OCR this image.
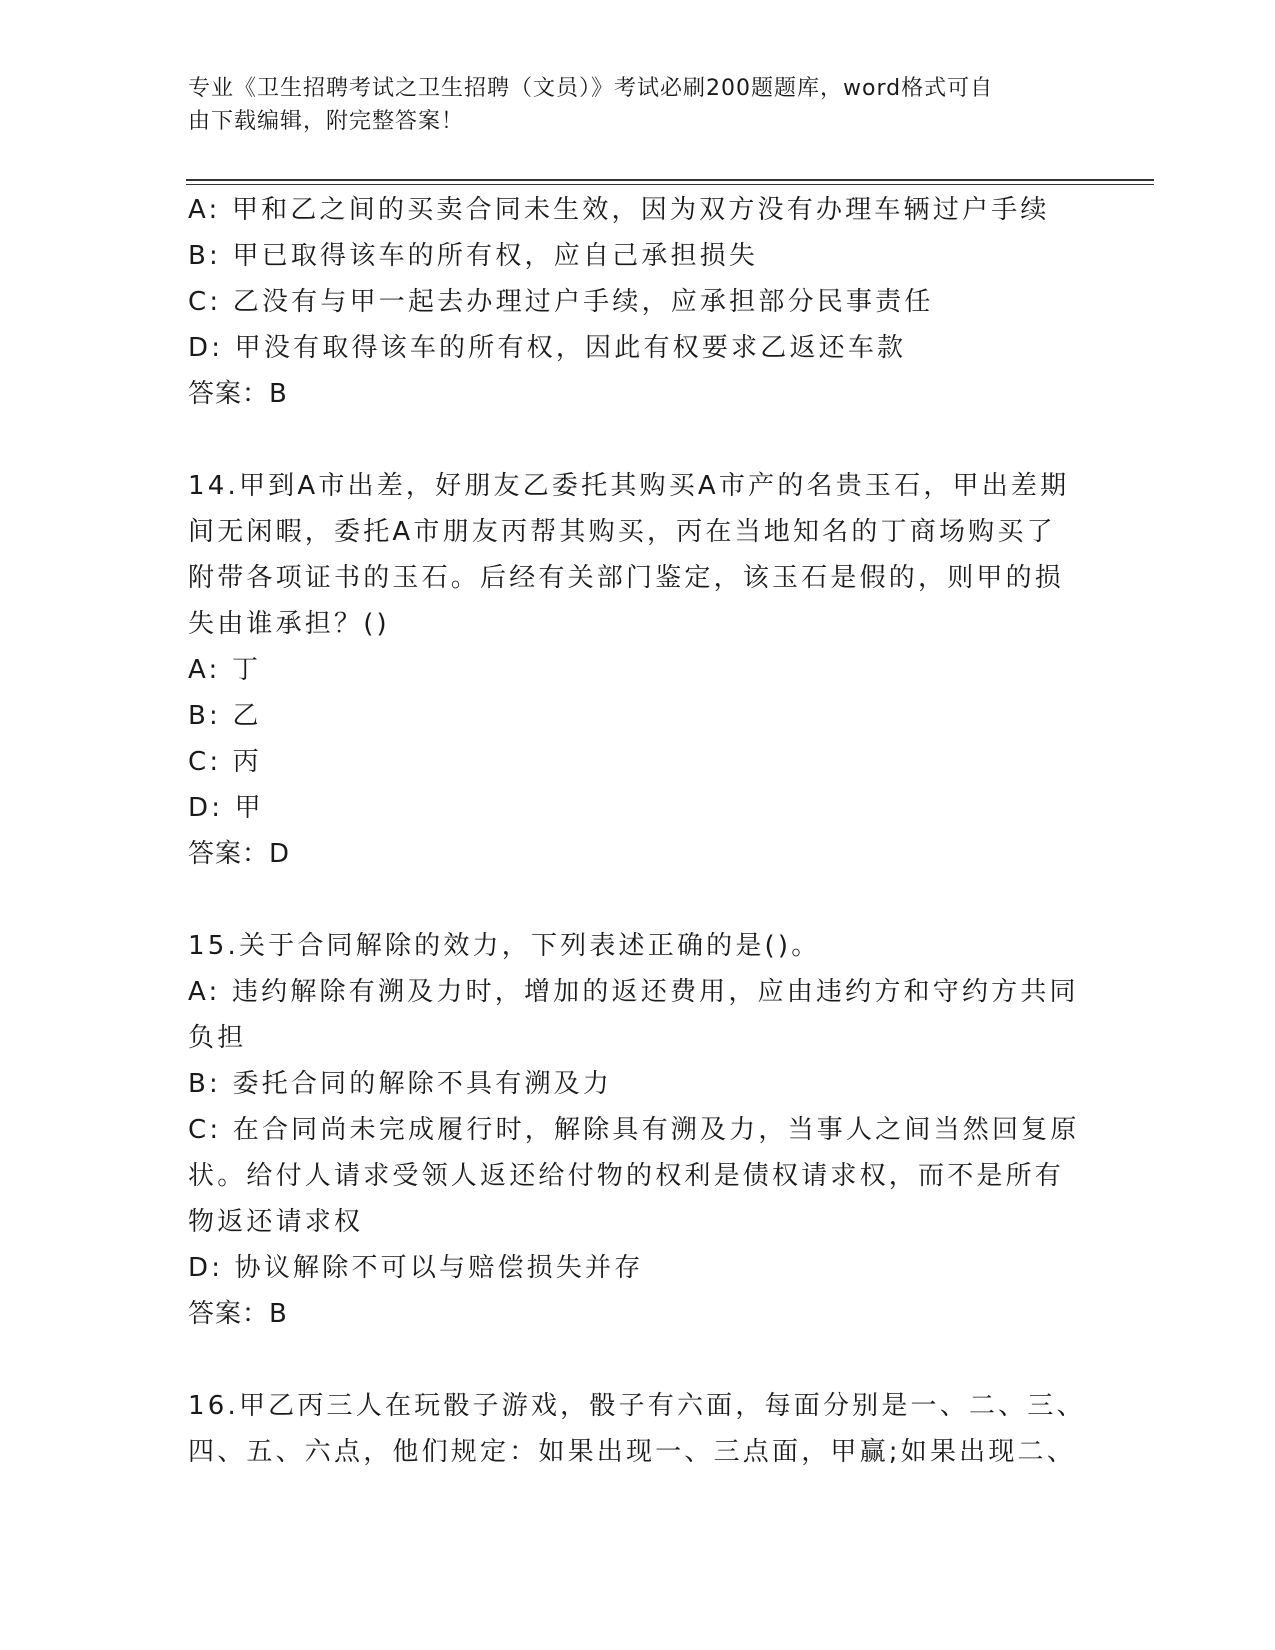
专业《卫生招聘考试之卫生招聘（文员）》考试必刷200题题库，word格式可自
由下载编辑，附完整答案！
A: 甲和乙之间的买卖合同未生效，因为双方没有办理车辆过户手续
B: 甲已取得该车的所有权，应自己承担损失
C: 乙没有与甲一起去办理过户手续，应承担部分民事责任
D: 甲没有取得该车的所有权，因此有权要求乙返还车款
答案：B
14.甲到A市出差，好朋友乙委托其购买A市产的名贵玉石，甲出差期
间无闲暇，委托A市朋友丙帮其购买，丙在当地知名的丁商场购买了
附带各项证书的玉石。后经有关部门鉴定，该玉石是假的，则甲的损
失由谁承担？()
A: 丁
B: 乙
C: 丙
D: 甲
答案：D
15.关于合同解除的效力，下列表述正确的是()。
A: 违约解除有溯及力时，增加的返还费用，应由违约方和守约方共同
负担
B: 委托合同的解除不具有溯及力
C: 在合同尚未完成履行时，解除具有溯及力，当事人之间当然回复原
状。给付人请求受领人返还给付物的权利是债权请求权，而不是所有
物返还请求权
D: 协议解除不可以与赔偿损失并存
答案：B
16.甲乙丙三人在玩骰子游戏，骰子有六面，每面分别是一、二、三、
四、五、六点，他们规定：如果出现一、三点面，甲赢;如果出现二、
